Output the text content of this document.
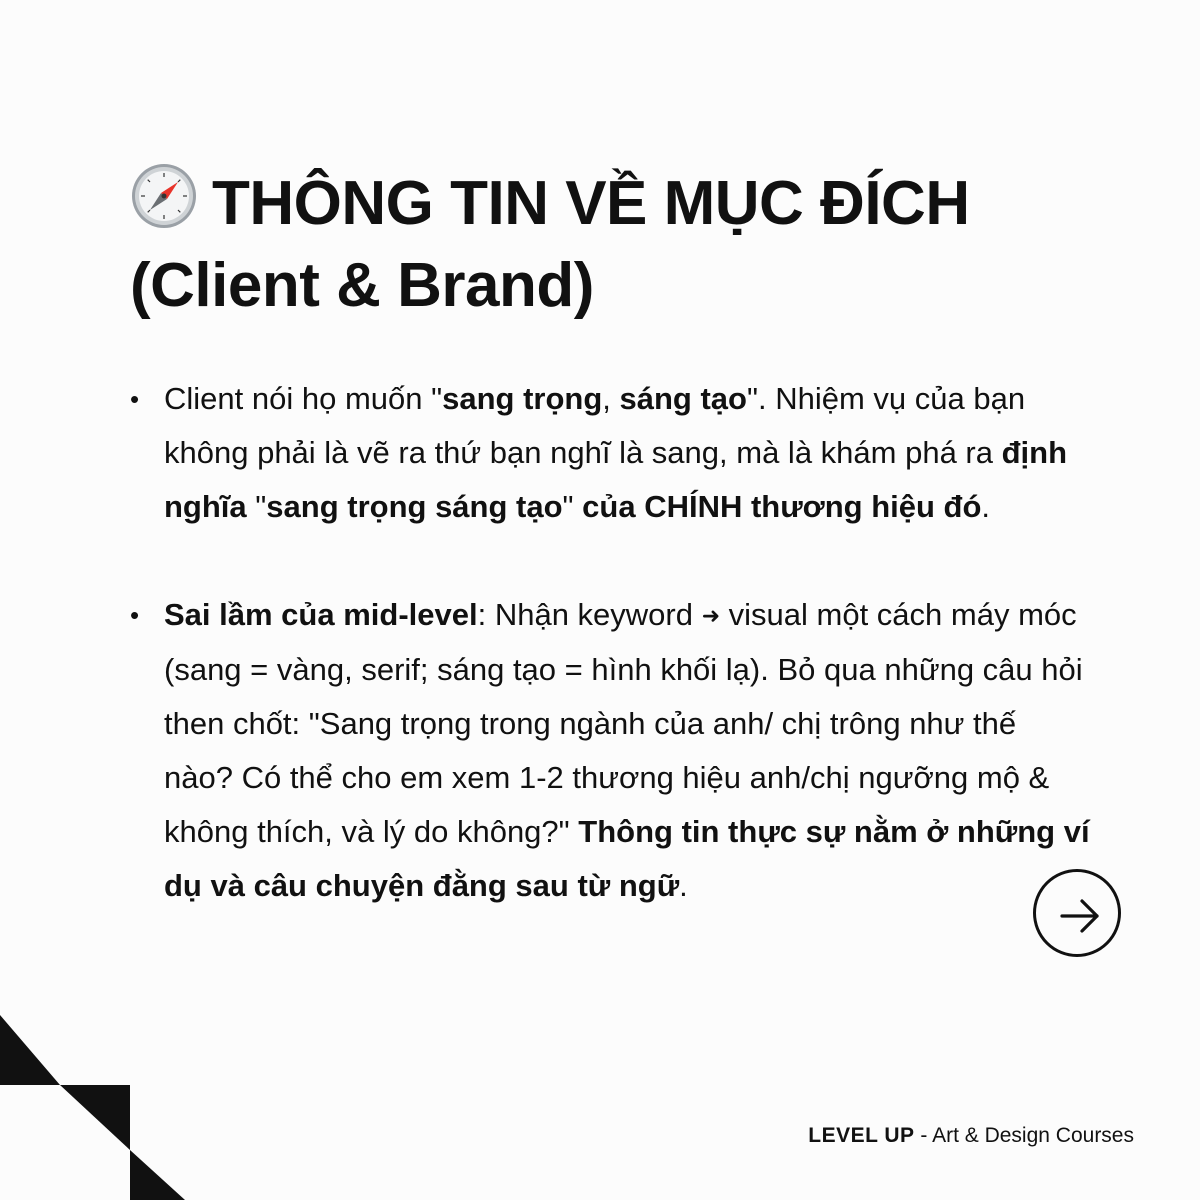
THÔNG TIN VỀ MỤC ĐÍCH
(Client & Brand)
• Client nói họ muốn "sang trọng, sáng tạo". Nhiệm vụ của bạn không phải là vẽ ra thứ bạn nghĩ là sang, mà là khám phá ra định nghĩa "sang trọng sáng tạo" của CHÍNH thương hiệu đó.
• Sai lầm của mid-level: Nhận keyword ➜ visual một cách máy móc (sang = vàng, serif; sáng tạo = hình khối lạ). Bỏ qua những câu hỏi then chốt: "Sang trọng trong ngành của anh/ chị trông như thế nào? Có thể cho em xem 1-2 thương hiệu anh/chị ngưỡng mộ & không thích, và lý do không?" Thông tin thực sự nằm ở những ví dụ và câu chuyện đằng sau từ ngữ.
LEVEL UP - Art & Design Courses
